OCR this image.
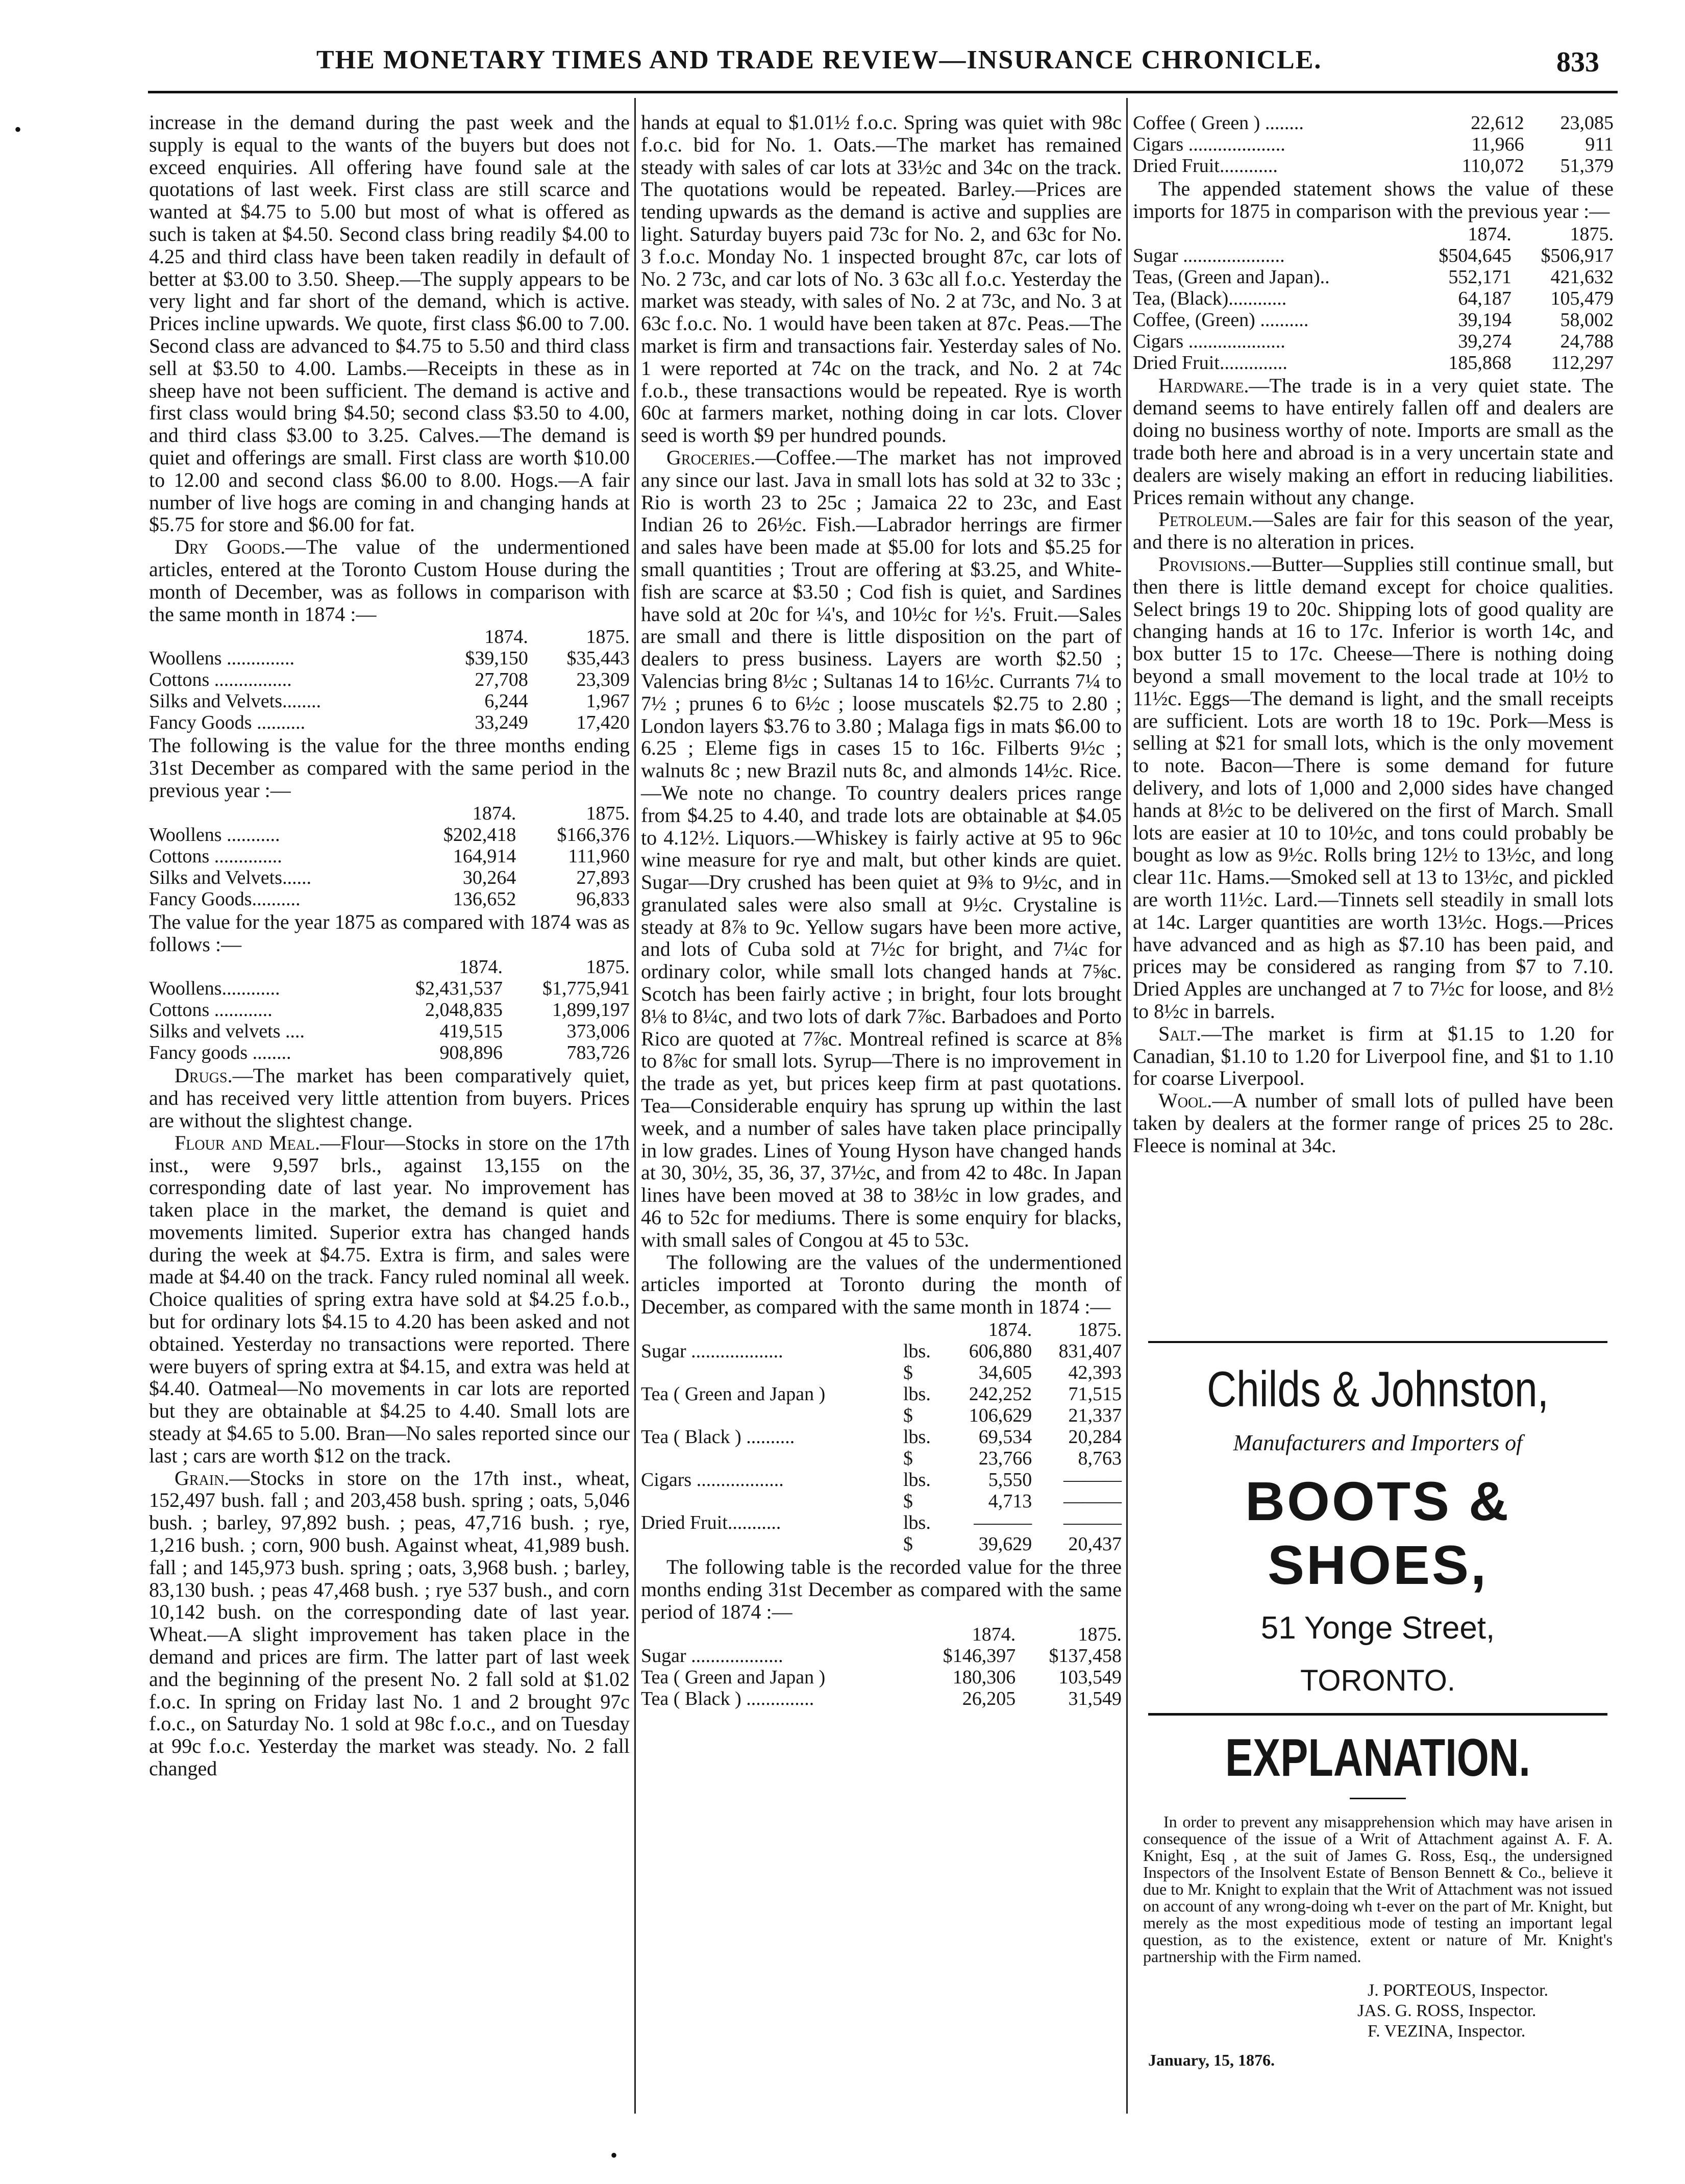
THE MONETARY TIMES AND TRADE REVIEW—INSURANCE CHRONICLE.	833

increase in the demand during the past week and the supply is equal to the wants of the buyers but does not exceed enquiries. All offering have found sale at the quotations of last week. First class are still scarce and wanted at $4.75 to 5.00 but most of what is offered as such is taken at $4.50. Second class bring readily $4.00 to 4.25 and third class have been taken readily in default of better at $3.00 to 3.50. Sheep.—The supply appears to be very light and far short of the demand, which is active. Prices incline upwards. We quote, first class $6.00 to 7.00. Second class are advanced to $4.75 to 5.50 and third class sell at $3.50 to 4.00. Lambs.—Receipts in these as in sheep have not been sufficient. The demand is active and first class would bring $4.50; second class $3.50 to 4.00, and third class $3.00 to 3.25. Calves.—The demand is quiet and offerings are small. First class are worth $10.00 to 12.00 and second class $6.00 to 8.00. Hogs.—A fair number of live hogs are coming in and changing hands at $5.75 for store and $6.00 for fat.

Dry Goods.—The value of the undermentioned articles, entered at the Toronto Custom House during the month of December, was as follows in comparison with the same month in 1874 :—

	1874.	1875.
Woollens ..............	$39,150	$35,443
Cottons ................	27,708	23,309
Silks and Velvets........	6,244	1,967
Fancy Goods ..........	33,249	17,420

The following is the value for the three months ending 31st December as compared with the same period in the previous year :—

	1874.	1875.
Woollens ...........	$202,418	$166,376
Cottons ..............	164,914	111,960
Silks and Velvets......	30,264	27,893
Fancy Goods..........	136,652	96,833

The value for the year 1875 as compared with 1874 was as follows :—

	1874.	1875.
Woollens............	$2,431,537	$1,775,941
Cottons ............	2,048,835	1,899,197
Silks and velvets ....	419,515	373,006
Fancy goods ........	908,896	783,726

Drugs.—The market has been comparatively quiet, and has received very little attention from buyers. Prices are without the slightest change.

Flour and Meal.—Flour—Stocks in store on the 17th inst., were 9,597 brls., against 13,155 on the corresponding date of last year. No improvement has taken place in the market, the demand is quiet and movements limited. Superior extra has changed hands during the week at $4.75. Extra is firm, and sales were made at $4.40 on the track. Fancy ruled nominal all week. Choice qualities of spring extra have sold at $4.25 f.o.b., but for ordinary lots $4.15 to 4.20 has been asked and not obtained. Yesterday no transactions were reported. There were buyers of spring extra at $4.15, and extra was held at $4.40. Oatmeal—No movements in car lots are reported but they are obtainable at $4.25 to 4.40. Small lots are steady at $4.65 to 5.00. Bran—No sales reported since our last ; cars are worth $12 on the track.

Grain.—Stocks in store on the 17th inst., wheat, 152,497 bush. fall ; and 203,458 bush. spring ; oats, 5,046 bush. ; barley, 97,892 bush. ; peas, 47,716 bush. ; rye, 1,216 bush. ; corn, 900 bush. Against wheat, 41,989 bush. fall ; and 145,973 bush. spring ; oats, 3,968 bush. ; barley, 83,130 bush. ; peas 47,468 bush. ; rye 537 bush., and corn 10,142 bush. on the corresponding date of last year. Wheat.—A slight improvement has taken place in the demand and prices are firm. The latter part of last week and the beginning of the present No. 2 fall sold at $1.02 f.o.c. In spring on Friday last No. 1 and 2 brought 97c f.o.c., on Saturday No. 1 sold at 98c f.o.c., and on Tuesday at 99c f.o.c. Yesterday the market was steady. No. 2 fall changed

hands at equal to $1.01½ f.o.c. Spring was quiet with 98c f.o.c. bid for No. 1. Oats.—The market has remained steady with sales of car lots at 33½c and 34c on the track. The quotations would be repeated. Barley.—Prices are tending upwards as the demand is active and supplies are light. Saturday buyers paid 73c for No. 2, and 63c for No. 3 f.o.c. Monday No. 1 inspected brought 87c, car lots of No. 2 73c, and car lots of No. 3 63c all f.o.c. Yesterday the market was steady, with sales of No. 2 at 73c, and No. 3 at 63c f.o.c. No. 1 would have been taken at 87c. Peas.—The market is firm and transactions fair. Yesterday sales of No. 1 were reported at 74c on the track, and No. 2 at 74c f.o.b., these transactions would be repeated. Rye is worth 60c at farmers market, nothing doing in car lots. Clover seed is worth $9 per hundred pounds.

Groceries.—Coffee.—The market has not improved any since our last. Java in small lots has sold at 32 to 33c ; Rio is worth 23 to 25c ; Jamaica 22 to 23c, and East Indian 26 to 26½c. Fish.—Labrador herrings are firmer and sales have been made at $5.00 for lots and $5.25 for small quantities ; Trout are offering at $3.25, and White-fish are scarce at $3.50 ; Cod fish is quiet, and Sardines have sold at 20c for ¼'s, and 10½c for ½'s. Fruit.—Sales are small and there is little disposition on the part of dealers to press business. Layers are worth $2.50 ; Valencias bring 8½c ; Sultanas 14 to 16½c. Currants 7¼ to 7½ ; prunes 6 to 6½c ; loose muscatels $2.75 to 2.80 ; London layers $3.76 to 3.80 ; Malaga figs in mats $6.00 to 6.25 ; Eleme figs in cases 15 to 16c. Filberts 9½c ; walnuts 8c ; new Brazil nuts 8c, and almonds 14½c. Rice.—We note no change. To country dealers prices range from $4.25 to 4.40, and trade lots are obtainable at $4.05 to 4.12½. Liquors.—Whiskey is fairly active at 95 to 96c wine measure for rye and malt, but other kinds are quiet. Sugar—Dry crushed has been quiet at 9⅜ to 9½c, and in granulated sales were also small at 9½c. Crystaline is steady at 8⅞ to 9c. Yellow sugars have been more active, and lots of Cuba sold at 7½c for bright, and 7¼c for ordinary color, while small lots changed hands at 7⅝c. Scotch has been fairly active ; in bright, four lots brought 8⅛ to 8¼c, and two lots of dark 7⅞c. Barbadoes and Porto Rico are quoted at 7⅞c. Montreal refined is scarce at 8⅝ to 8⅞c for small lots. Syrup—There is no improvement in the trade as yet, but prices keep firm at past quotations. Tea—Considerable enquiry has sprung up within the last week, and a number of sales have taken place principally in low grades. Lines of Young Hyson have changed hands at 30, 30½, 35, 36, 37, 37½c, and from 42 to 48c. In Japan lines have been moved at 38 to 38½c in low grades, and 46 to 52c for mediums. There is some enquiry for blacks, with small sales of Congou at 45 to 53c.

The following are the values of the undermentioned articles imported at Toronto during the month of December, as compared with the same month in 1874 :—

		1874.	1875.
Sugar ...................	lbs.	606,880	831,407
	$	34,605	42,393
Tea ( Green and Japan )	lbs.	242,252	71,515
	$	106,629	21,337
Tea ( Black ) ..........	lbs.	69,534	20,284
	$	23,766	8,763
Cigars ..................	lbs.	5,550	———
	$	4,713	———
Dried Fruit...........	lbs.	———	———
	$	39,629	20,437

The following table is the recorded value for the three months ending 31st December as compared with the same period of 1874 :—

	1874.	1875.
Sugar ...................	$146,397	$137,458
Tea ( Green and Japan )	180,306	103,549
Tea ( Black ) ..............	26,205	31,549
Coffee ( Green ) ........	22,612	23,085
Cigars ....................	11,966	911
Dried Fruit............	110,072	51,379

The appended statement shows the value of these imports for 1875 in comparison with the previous year :—

	1874.	1875.
Sugar .....................	$504,645	$506,917
Teas, (Green and Japan)..	552,171	421,632
Tea, (Black)............	64,187	105,479
Coffee, (Green) ..........	39,194	58,002
Cigars ....................	39,274	24,788
Dried Fruit..............	185,868	112,297

Hardware.—The trade is in a very quiet state. The demand seems to have entirely fallen off and dealers are doing no business worthy of note. Imports are small as the trade both here and abroad is in a very uncertain state and dealers are wisely making an effort in reducing liabilities. Prices remain without any change.

Petroleum.—Sales are fair for this season of the year, and there is no alteration in prices.

Provisions.—Butter—Supplies still continue small, but then there is little demand except for choice qualities. Select brings 19 to 20c. Shipping lots of good quality are changing hands at 16 to 17c. Inferior is worth 14c, and box butter 15 to 17c. Cheese—There is nothing doing beyond a small movement to the local trade at 10½ to 11½c. Eggs—The demand is light, and the small receipts are sufficient. Lots are worth 18 to 19c. Pork—Mess is selling at $21 for small lots, which is the only movement to note. Bacon—There is some demand for future delivery, and lots of 1,000 and 2,000 sides have changed hands at 8½c to be delivered on the first of March. Small lots are easier at 10 to 10½c, and tons could probably be bought as low as 9½c. Rolls bring 12½ to 13½c, and long clear 11c. Hams.—Smoked sell at 13 to 13½c, and pickled are worth 11½c. Lard.—Tinnets sell steadily in small lots at 14c. Larger quantities are worth 13½c. Hogs.—Prices have advanced and as high as $7.10 has been paid, and prices may be considered as ranging from $7 to 7.10. Dried Apples are unchanged at 7 to 7½c for loose, and 8½ to 8½c in barrels.

Salt.—The market is firm at $1.15 to 1.20 for Canadian, $1.10 to 1.20 for Liverpool fine, and $1 to 1.10 for coarse Liverpool.

Wool.—A number of small lots of pulled have been taken by dealers at the former range of prices 25 to 28c. Fleece is nominal at 34c.

Childs & Johnston,
Manufacturers and Importers of
BOOTS & SHOES,
51 Yonge Street,
TORONTO.
EXPLANATION.
In order to prevent any misapprehension which may have arisen in consequence of the issue of a Writ of Attachment against A. F. A. Knight, Esq , at the suit of James G. Ross, Esq., the undersigned Inspectors of the Insolvent Estate of Benson Bennett & Co., believe it due to Mr. Knight to explain that the Writ of Attachment was not issued on account of any wrong-doing wh t-ever on the part of Mr. Knight, but merely as the most expeditious mode of testing an important legal question, as to the existence, extent or nature of Mr. Knight's partnership with the Firm named.
J. PORTEOUS, Inspector.
JAS. G. ROSS, Inspector.
F. VEZINA, Inspector.
January, 15, 1876.
•
•
